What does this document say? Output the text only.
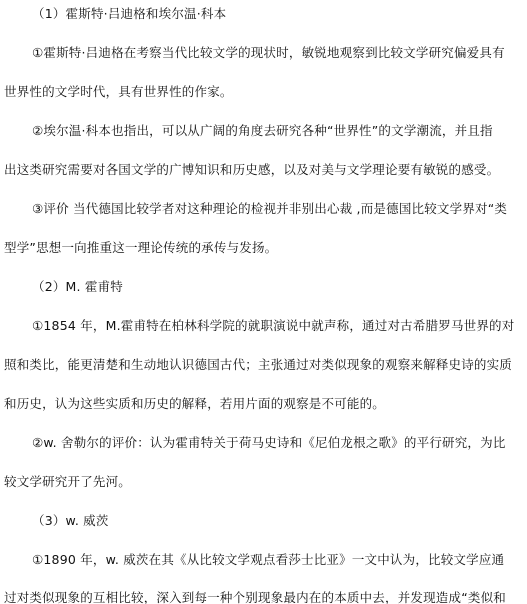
（1）霍斯特·吕迪格和埃尔温·科本
①霍斯特·吕迪格在考察当代比较文学的现状时，敏锐地观察到比较文学研究偏爱具有
世界性的文学时代，具有世界性的作家。
②埃尔温·科本也指出，可以从广阔的角度去研究各种“世界性”的文学潮流，并且指
出这类研究需要对各国文学的广博知识和历史感，以及对美与文学理论要有敏锐的感受。
③评价 当代德国比较学者对这种理论的检视并非别出心裁 ,而是德国比较文学界对“类
型学”思想一向推重这一理论传统的承传与发扬。
（2）M. 霍甫特
①1854 年，M.霍甫特在柏林科学院的就职演说中就声称，通过对古希腊罗马世界的对
照和类比，能更清楚和生动地认识德国古代；主张通过对类似现象的观察来解释史诗的实质
和历史，认为这些实质和历史的解释，若用片面的观察是不可能的。
②w. 舍勒尔的评价：认为霍甫特关于荷马史诗和《尼伯龙根之歌》的平行研究，为比
较文学研究开了先河。
（3）w. 威茨
①1890 年，w. 威茨在其《从比较文学观点看莎士比亚》一文中认为，比较文学应通
过对类似现象的互相比较，深入到每一种个别现象最内在的本质中去，并发现造成“类似和
